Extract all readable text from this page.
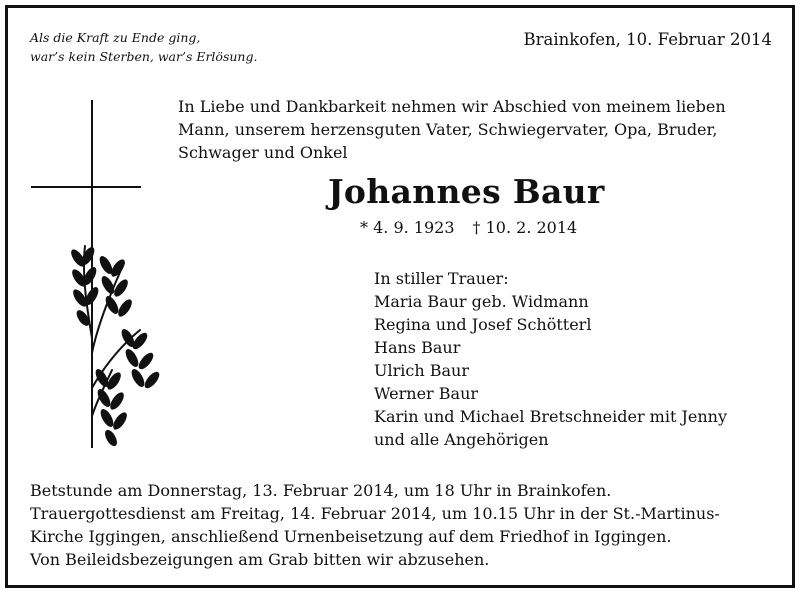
Als die Kraft zu Ende ging,
war’s kein Sterben, war’s Erlösung.
Brainkofen, 10. Februar 2014
In Liebe und Dankbarkeit nehmen wir Abschied von meinem lieben
Mann, unserem herzensguten Vater, Schwiegervater, Opa, Bruder,
Schwager und Onkel
Johannes Baur
* 4. 9. 1923 † 10. 2. 2014
In stiller Trauer:
Maria Baur geb. Widmann
Regina und Josef Schötterl
Hans Baur
Ulrich Baur
Werner Baur
Karin und Michael Bretschneider mit Jenny
und alle Angehörigen
Betstunde am Donnerstag, 13. Februar 2014, um 18 Uhr in Brainkofen.
Trauergottesdienst am Freitag, 14. Februar 2014, um 10.15 Uhr in der St.-Martinus-
Kirche Iggingen, anschließend Urnenbeisetzung auf dem Friedhof in Iggingen.
Von Beileidsbezeigungen am Grab bitten wir abzusehen.
